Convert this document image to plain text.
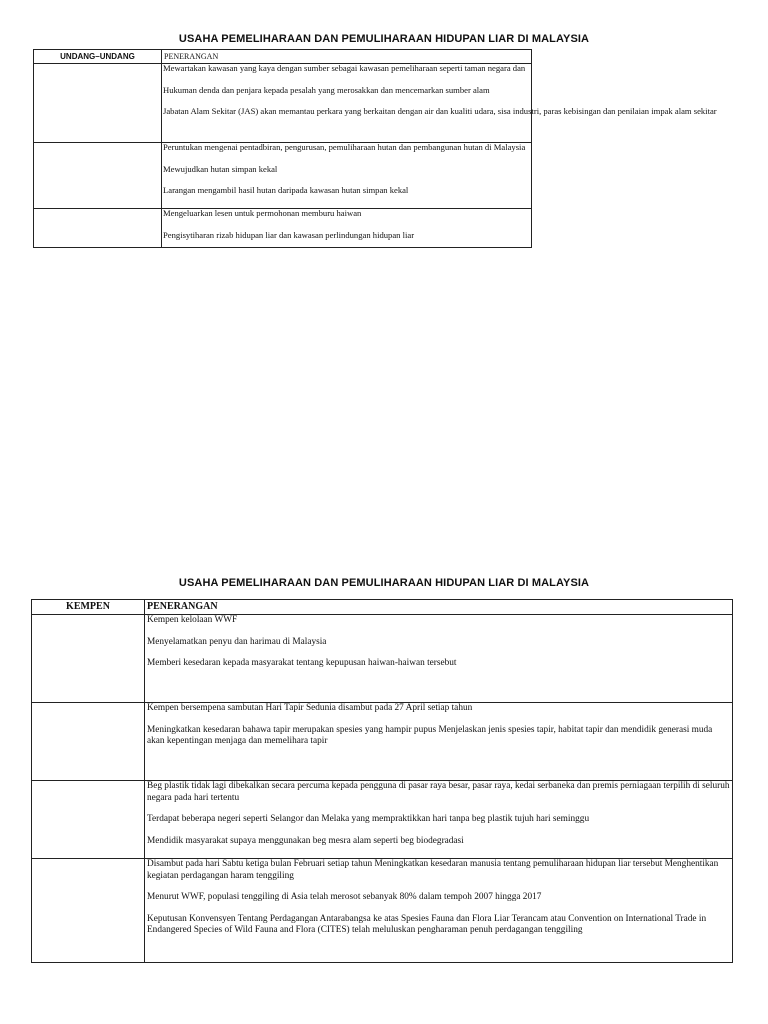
USAHA PEMELIHARAAN DAN PEMULIHARAAN HIDUPAN LIAR DI MALAYSIA
UNDANG–UNDANG	PENERANGAN

	Mewartakan kawasan yang kaya dengan sumber sebagai kawasan pemeliharaan seperti taman negara dan

Hukuman denda dan penjara kepada pesalah yang merosakkan dan mencemarkan sumber alam

Jabatan Alam Sekitar (JAS) akan memantau perkara yang berkaitan dengan air dan kualiti udara, sisa industri, paras kebisingan dan penilaian impak alam sekitar

	Peruntukan mengenai pentadbiran, pengurusan, pemuliharaan hutan dan pembangunan hutan di Malaysia

Mewujudkan hutan simpan kekal

Larangan mengambil hasil hutan daripada kawasan hutan simpan kekal

	Mengeluarkan lesen untuk permohonan memburu haiwan

Pengisytiharan rizab hidupan liar dan kawasan perlindungan hidupan liar

USAHA PEMELIHARAAN DAN PEMULIHARAAN HIDUPAN LIAR DI MALAYSIA
KEMPEN	PENERANGAN

	Kempen kelolaan WWF

Menyelamatkan penyu dan harimau di Malaysia

Memberi kesedaran kepada masyarakat tentang kepupusan haiwan-haiwan tersebut

	Kempen bersempena sambutan Hari Tapir Sedunia disambut pada 27 April setiap tahun

Meningkatkan kesedaran bahawa tapir merupakan spesies yang hampir pupus Menjelaskan jenis spesies tapir, habitat tapir dan mendidik generasi muda akan kepentingan menjaga dan memelihara tapir

	Beg plastik tidak lagi dibekalkan secara percuma kepada pengguna di pasar raya besar, pasar raya, kedai serbaneka dan premis perniagaan terpilih di seluruh negara pada hari tertentu

Terdapat beberapa negeri seperti Selangor dan Melaka yang mempraktikkan hari tanpa beg plastik tujuh hari seminggu

Mendidik masyarakat supaya menggunakan beg mesra alam seperti beg biodegradasi

	Disambut pada hari Sabtu ketiga bulan Februari setiap tahun Meningkatkan kesedaran manusia tentang pemuliharaan hidupan liar tersebut Menghentikan kegiatan perdagangan haram tenggiling

Menurut WWF, populasi tenggiling di Asia telah merosot sebanyak 80% dalam tempoh 2007 hingga 2017

Keputusan Konvensyen Tentang Perdagangan Antarabangsa ke atas Spesies Fauna dan Flora Liar Terancam atau Convention on International Trade in Endangered Species of Wild Fauna and Flora (CITES) telah meluluskan pengharaman penuh perdagangan tenggiling
